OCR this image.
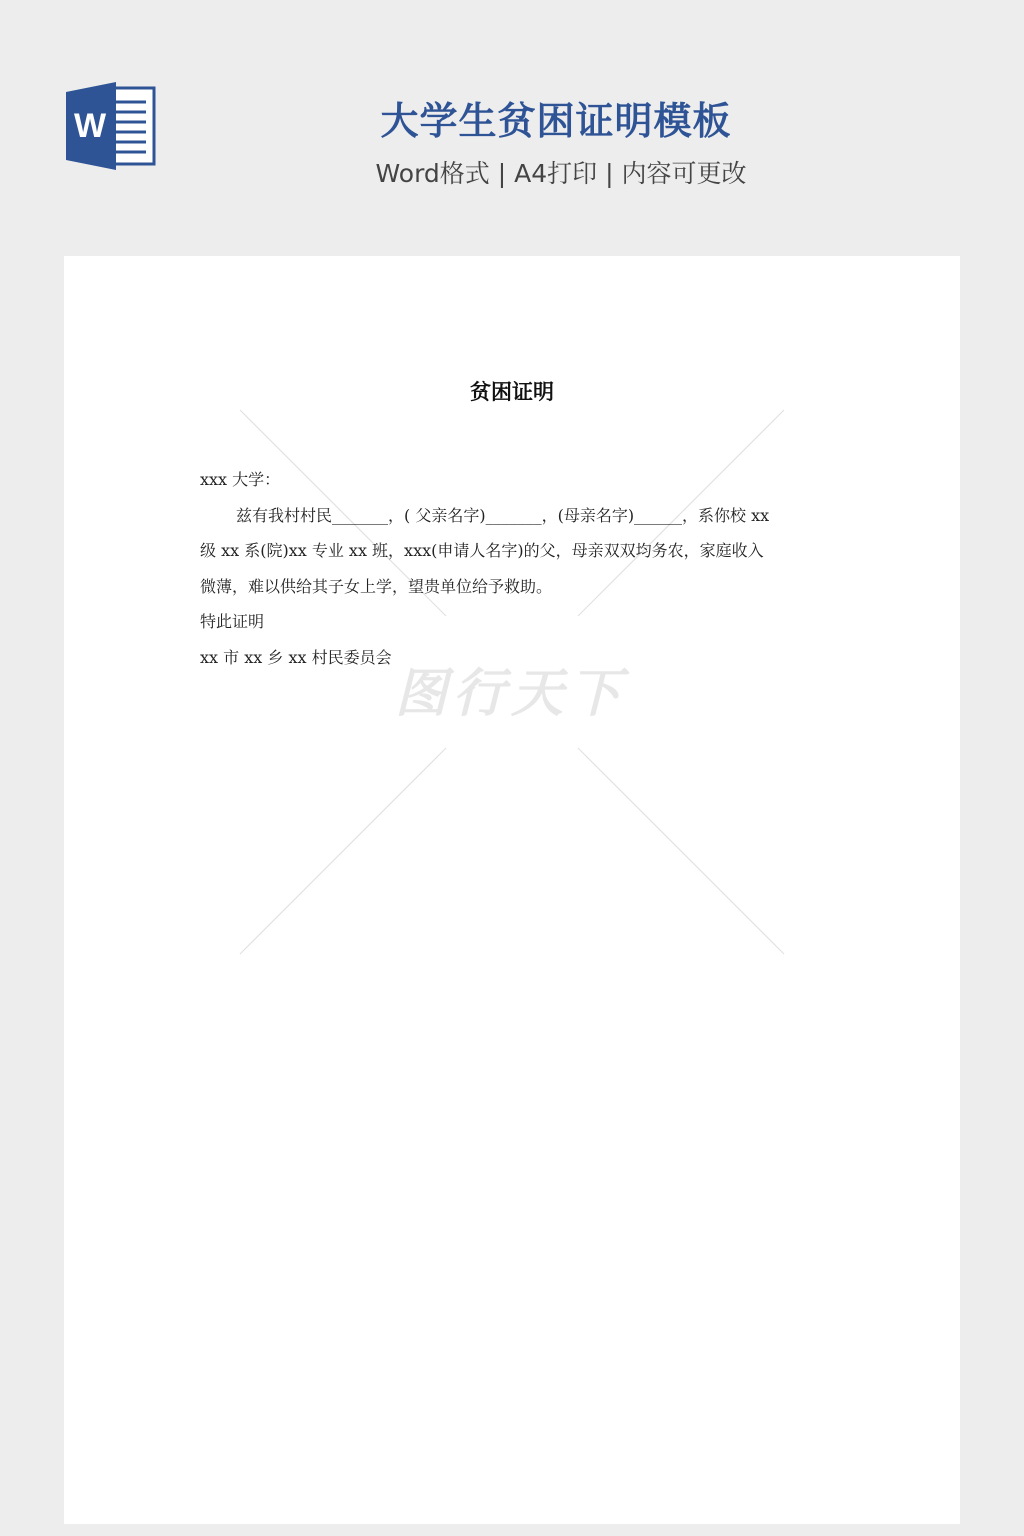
W	大学生贫困证明模板
Word格式 | A4打印 | 内容可更改
图行天下
贫困证明

xxx 大学：

兹有我村村民_______，( 父亲名字)_______，(母亲名字)______，系你校 xx

级 xx 系(院)xx 专业 xx 班，xxx(申请人名字)的父，母亲双双均务农，家庭收入

微薄，难以供给其子女上学，望贵单位给予救助。

特此证明

xx 市 xx 乡 xx 村民委员会
